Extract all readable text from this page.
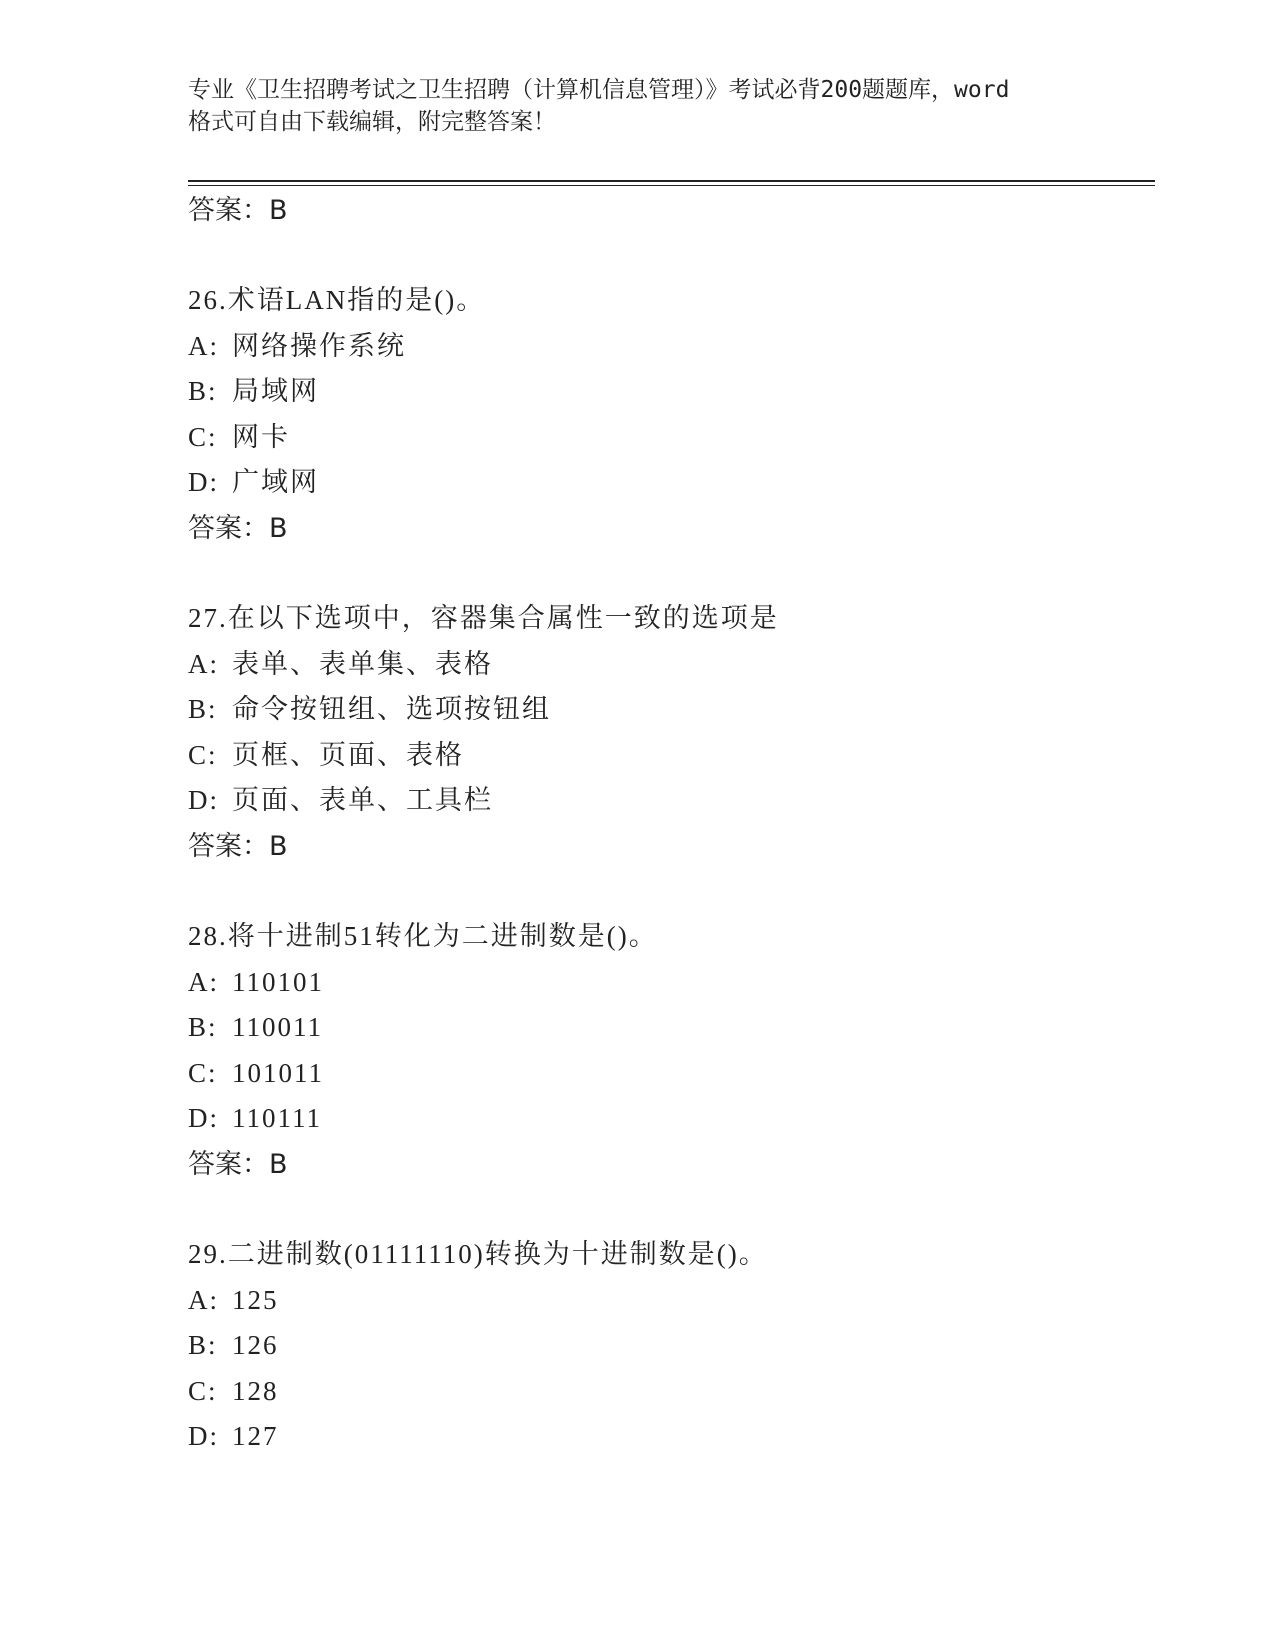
专业《卫生招聘考试之卫生招聘（计算机信息管理）》考试必背200题题库，word
格式可自由下载编辑，附完整答案！
答案：B
26.术语LAN指的是()。
A: 网络操作系统
B: 局域网
C: 网卡
D: 广域网
答案：B
27.在以下选项中，容器集合属性一致的选项是
A: 表单、表单集、表格
B: 命令按钮组、选项按钮组
C: 页框、页面、表格
D: 页面、表单、工具栏
答案：B
28.将十进制51转化为二进制数是()。
A: 110101
B: 110011
C: 101011
D: 110111
答案：B
29.二进制数(01111110)转换为十进制数是()。
A: 125
B: 126
C: 128
D: 127
